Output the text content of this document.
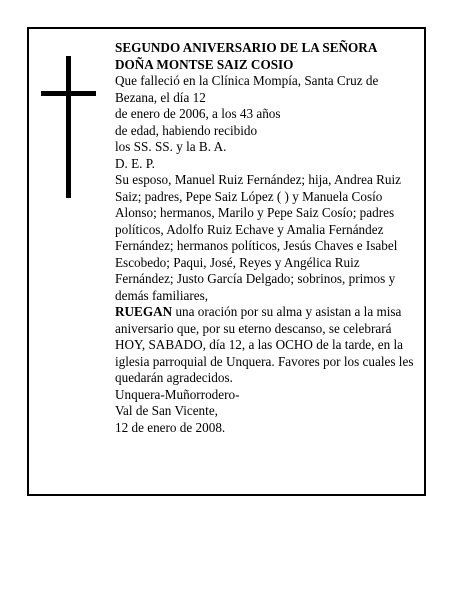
SEGUNDO ANIVERSARIO DE LA SEÑORA

DOÑA MONTSE SAIZ COSIO

Que falleció en la Clínica Mompía, Santa Cruz de Bezana, el día 12

de enero de 2006, a los 43 años

de edad, habiendo recibido

los SS. SS. y la B. A.

D. E. P.

Su esposo, Manuel Ruiz Fernández; hija, Andrea Ruiz Saiz; padres, Pepe Saiz López ( ) y Manuela Cosío Alonso; hermanos, Marilo y Pepe Saiz Cosío; padres políticos, Adolfo Ruiz Echave y Amalia Fernández Fernández; hermanos políticos, Jesús Chaves e Isabel Escobedo; Paqui, José, Reyes y Angélica Ruiz Fernández; Justo García Delgado; sobrinos, primos y demás familiares,

RUEGAN una oración por su alma y asistan a la misa aniversario que, por su eterno descanso, se celebrará HOY, SABADO, día 12, a las OCHO de la tarde, en la iglesia parroquial de Unquera. Favores por los cuales les quedarán agradecidos.

Unquera-Muñorrodero-

Val de San Vicente,

12 de enero de 2008.
